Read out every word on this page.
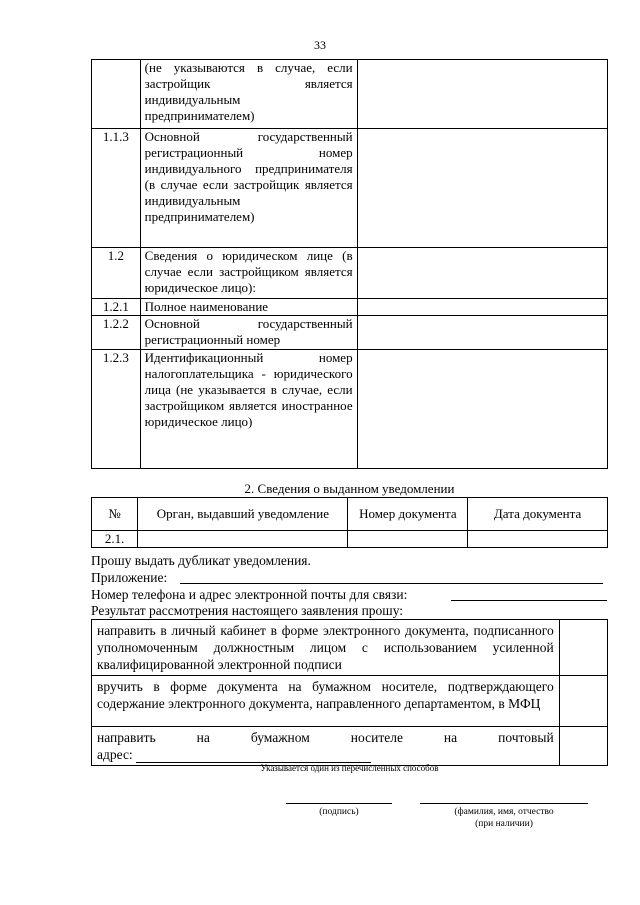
33
	(не указываются в случае, если застройщик является индивидуальным предпринимателем)	
1.1.3	Основной государственный регистрационный номер индивидуального предпринимателя (в случае если застройщик является индивидуальным предпринимателем)	
1.2	Сведения о юридическом лице (в случае если застройщиком является юридическое лицо):	
1.2.1	Полное наименование	
1.2.2	Основной государственный регистрационный номер	
1.2.3	Идентификационный номер налогоплательщика - юридического лица (не указывается в случае, если застройщиком является иностранное юридическое лицо)	
2. Сведения о выданном уведомлении
№	Орган, выдавший уведомление	Номер документа	Дата документа
2.1.			
Прошу выдать дубликат уведомления.
Приложение:
Номер телефона и адрес электронной почты для связи:
Результат рассмотрения настоящего заявления прошу:
направить в личный кабинет в форме электронного документа, подписанного уполномоченным должностным лицом с использованием усиленной квалифицированной электронной подписи	
вручить в форме документа на бумажном носителе, подтверждающего содержание электронного документа, направленного департаментом, в МФЦ	

направить на бумажном носителе на почтовый
адрес:	

Указывается один из перечисленных способов
(подпись)	(фамилия, имя, отчество
(при наличии)
